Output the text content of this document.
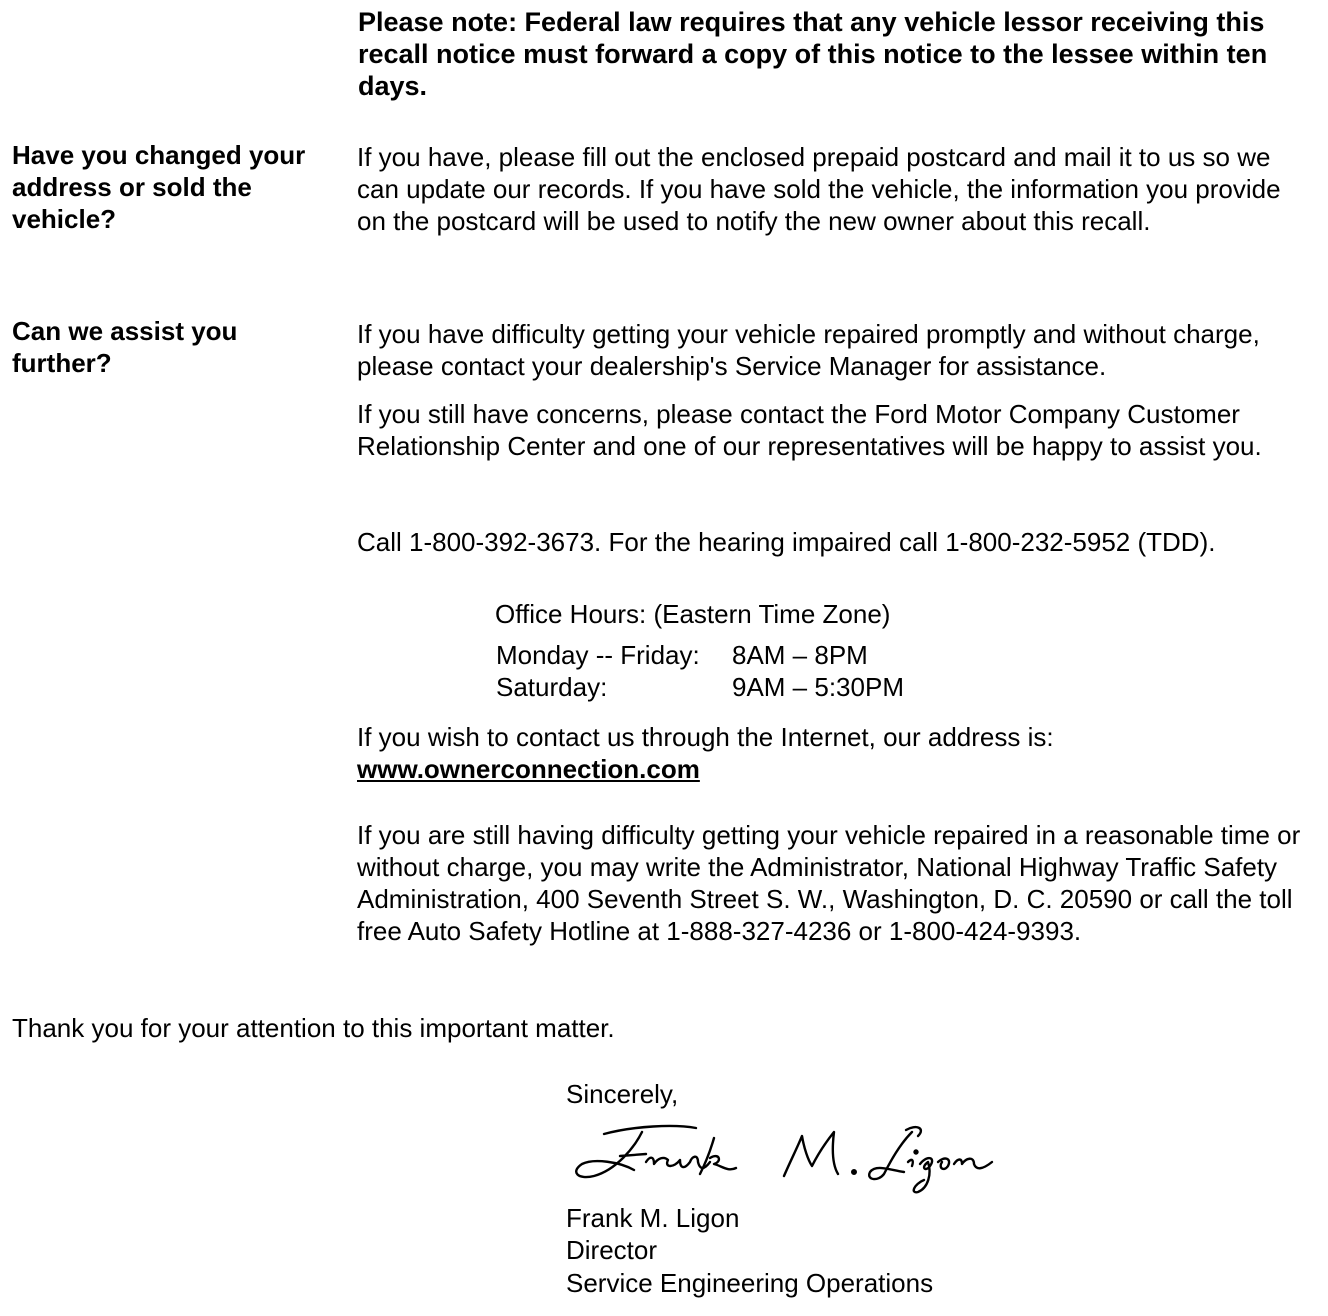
Please note: Federal law requires that any vehicle lessor receiving this recall notice must forward a copy of this notice to the lessee within ten days.
Have you changed your address or sold the vehicle?
If you have, please fill out the enclosed prepaid postcard and mail it to us so we can update our records. If you have sold the vehicle, the information you provide on the postcard will be used to notify the new owner about this recall.
Can we assist you further?
If you have difficulty getting your vehicle repaired promptly and without charge, please contact your dealership's Service Manager for assistance.
If you still have concerns, please contact the Ford Motor Company Customer Relationship Center and one of our representatives will be happy to assist you.
Call 1-800-392-3673. For the hearing impaired call 1-800-232-5952 (TDD).
Office Hours: (Eastern Time Zone)
Monday -- Friday: 8AM – 8PM
Saturday:	9AM – 5:30PM
If you wish to contact us through the Internet, our address is:
www.ownerconnection.com
If you are still having difficulty getting your vehicle repaired in a reasonable time or without charge, you may write the Administrator, National Highway Traffic Safety Administration, 400 Seventh Street S. W., Washington, D. C. 20590 or call the toll free Auto Safety Hotline at 1-888-327-4236 or 1-800-424-9393.
Thank you for your attention to this important matter.
Sincerely,
Frank M. Ligon
Frank M. Ligon
Director
Service Engineering Operations
